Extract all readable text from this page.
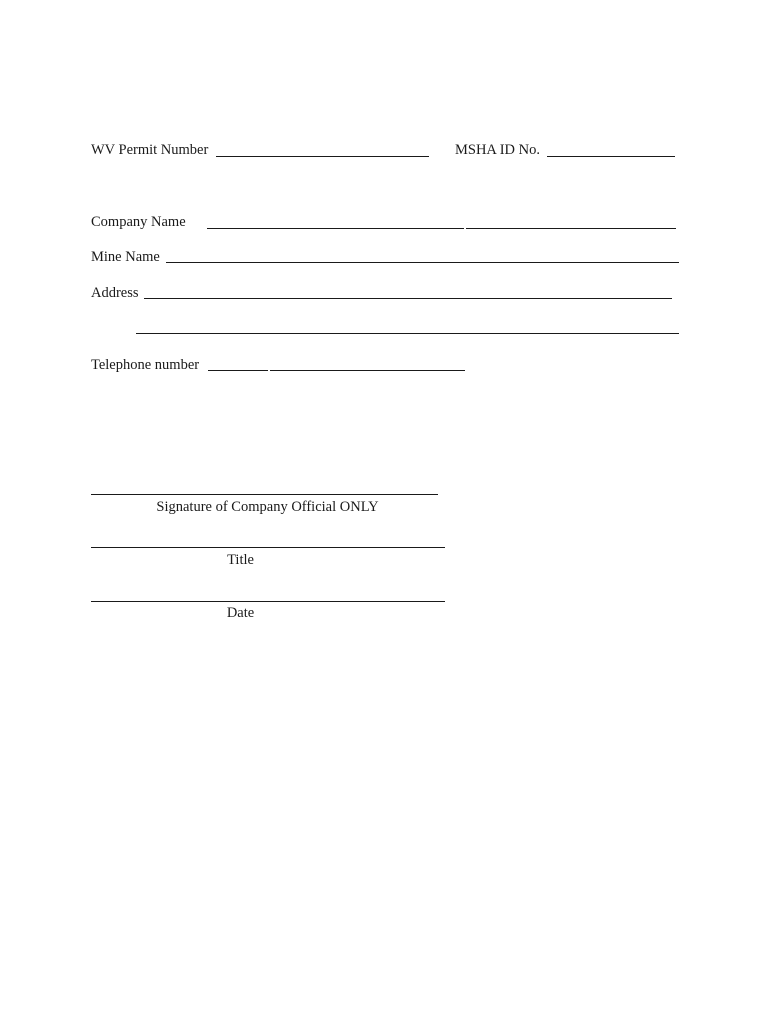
WV Permit Number	MSHA ID No.
Company Name
Mine Name
Address
Telephone number
Signature of Company Official ONLY
Title
Date
